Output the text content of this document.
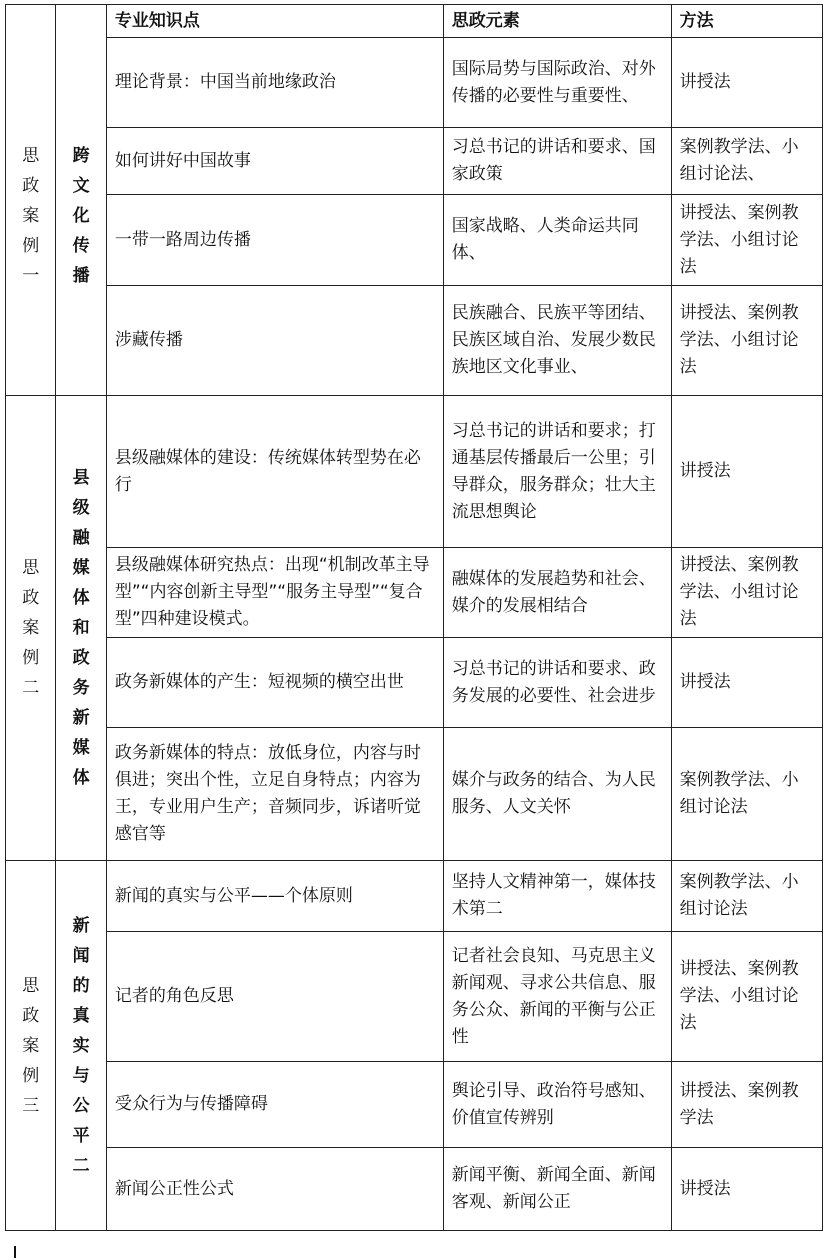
		专业知识点	思政元素	方法
思政案例一	跨文化传播	理论背景：中国当前地缘政治	国际局势与国际政治、对外传播的必要性与重要性、	讲授法
		如何讲好中国故事	习总书记的讲话和要求、国家政策	案例教学法、小组讨论法、
		一带一路周边传播	国家战略、人类命运共同体、	讲授法、案例教学法、小组讨论法
		涉藏传播	民族融合、民族平等团结、民族区域自治、发展少数民族地区文化事业、	讲授法、案例教学法、小组讨论法
思政案例二	县级融媒体和政务新媒体	县级融媒体的建设：传统媒体转型势在必行	习总书记的讲话和要求；打通基层传播最后一公里；引导群众，服务群众；壮大主流思想舆论	讲授法
		县级融媒体研究热点：出现“机制改革主导型”“内容创新主导型”“服务主导型”“复合型”四种建设模式。	融媒体的发展趋势和社会、媒介的发展相结合	讲授法、案例教学法、小组讨论法
		政务新媒体的产生：短视频的横空出世	习总书记的讲话和要求、政务发展的必要性、社会进步	讲授法
		政务新媒体的特点：放低身位，内容与时俱进；突出个性，立足自身特点；内容为王，专业用户生产；音频同步，诉诸听觉感官等	媒介与政务的结合、为人民服务、人文关怀	案例教学法、小组讨论法
思政案例三	新闻的真实与公平二	新闻的真实与公平——个体原则	坚持人文精神第一，媒体技术第二	案例教学法、小组讨论法
		记者的角色反思	记者社会良知、马克思主义新闻观、寻求公共信息、服务公众、新闻的平衡与公正性	讲授法、案例教学法、小组讨论法
		受众行为与传播障碍	舆论引导、政治符号感知、价值宣传辨别	讲授法、案例教学法
		新闻公正性公式	新闻平衡、新闻全面、新闻客观、新闻公正	讲授法
